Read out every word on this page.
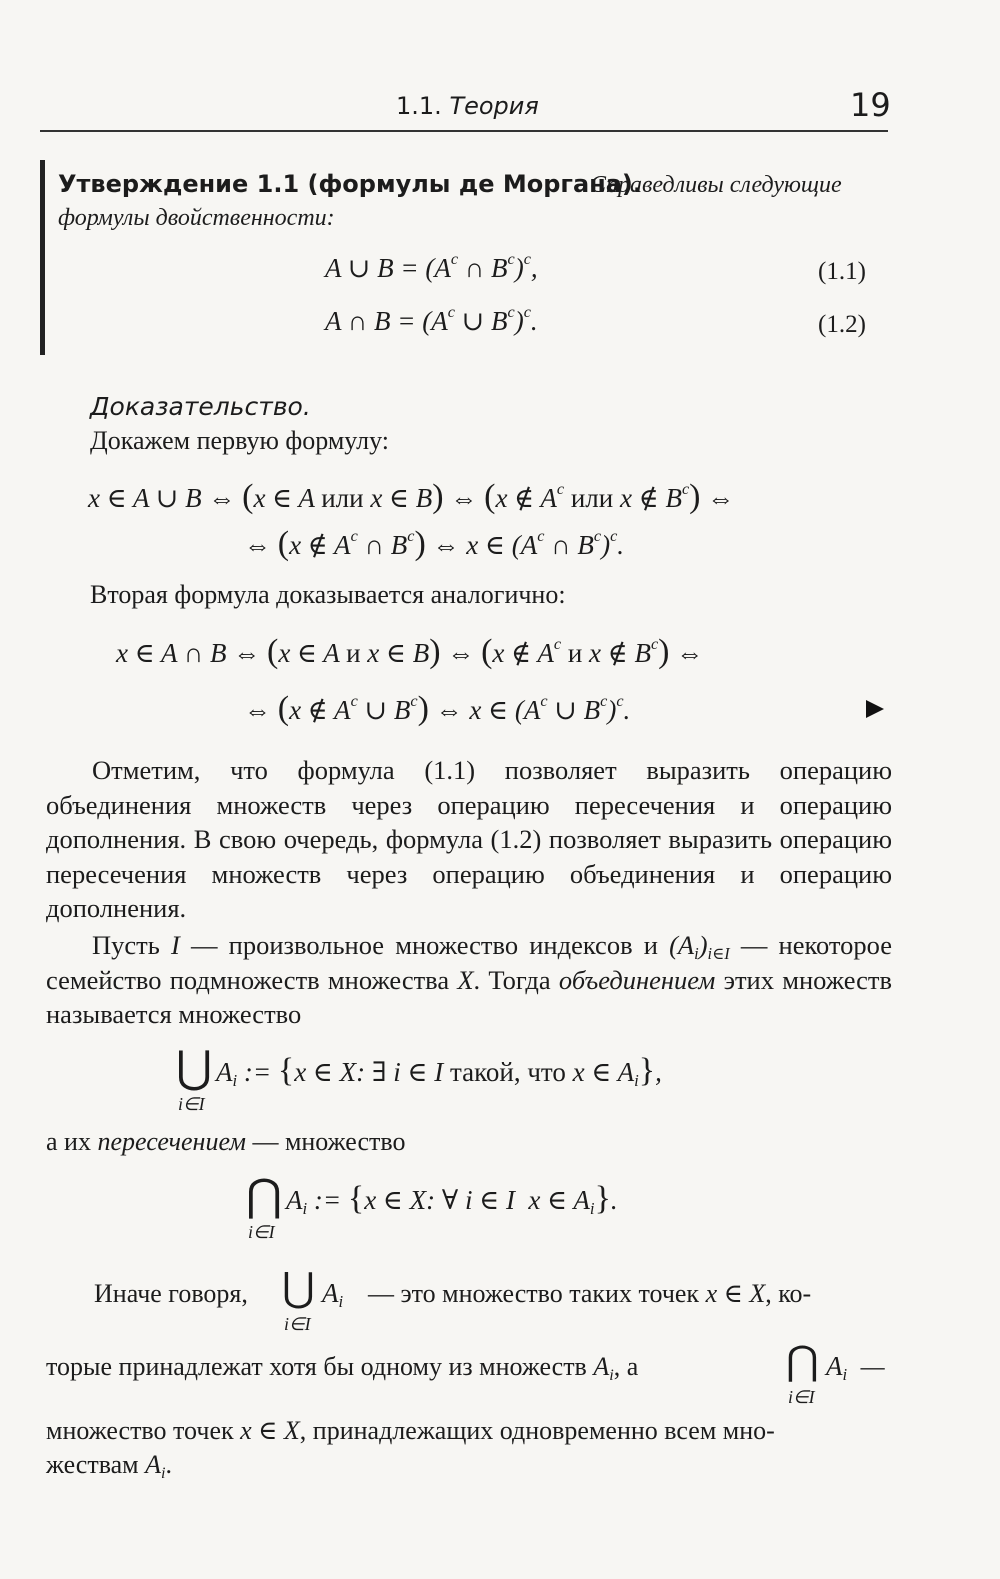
1.1. Теория	19
Утверждение 1.1 (формулы де Моргана).
Справедливы следующие
формулы двойственности:
A ∪ $B = (A^c$ ∩ $B^c)^c$,	(1.1)
A ∩ $B = (A^c$ ∪ $B^c)^c$.	(1.2)
Доказательство.
Докажем первую формулу:
x ∈ A ∪ B ⇔ (x ∈ A или x ∈ B) ⇔ (x ∉ $A^c$ или x ∉ $B^c$) ⇔
⇔ (x ∉ $A^c$ ∩ $B^c$) ⇔ x ∈ ($A^c$ ∩ $B^c)^c$.
Вторая формула доказывается аналогично:
x ∈ A ∩ B ⇔ (x ∈ A и x ∈ B) ⇔ (x ∉ $A^c$ и x ∉ $B^c$) ⇔
⇔ (x ∉ $A^c$ ∪ $B^c$) ⇔ x ∈ ($A^c$ ∪ $B^c)^c$.
Отметим, что формула (1.1) позволяет выразить операцию объединения множеств через операцию пересечения и операцию дополнения. В свою очередь, формула (1.2) позволяет выразить операцию пересечения множеств через операцию объединения и операцию дополнения.
Пусть I — произвольное множество индексов и $(A_i)_{i\in I}$ — некоторое семейство подмножеств множества X. Тогда объединением этих множеств называется множество
⋃
i∈I
$A_i$ := {x ∈ X: ∃ i ∈ I такой, что x ∈ $A_i$},
а их пересечением — множество
⋂
i∈I
$A_i$ := {x ∈ X: ∀ i ∈ I  x ∈ $A_i$}.
Иначе говоря, ⋃
i∈I
$A_i$ — это множество таких точек x ∈ X, ко-
торые принадлежат хотя бы одному из множеств $A_i$, а	⋂
i∈I
$A_i$  —
множество точек x ∈ X, принадлежащих одновременно всем мно-
жествам $A_i$.
